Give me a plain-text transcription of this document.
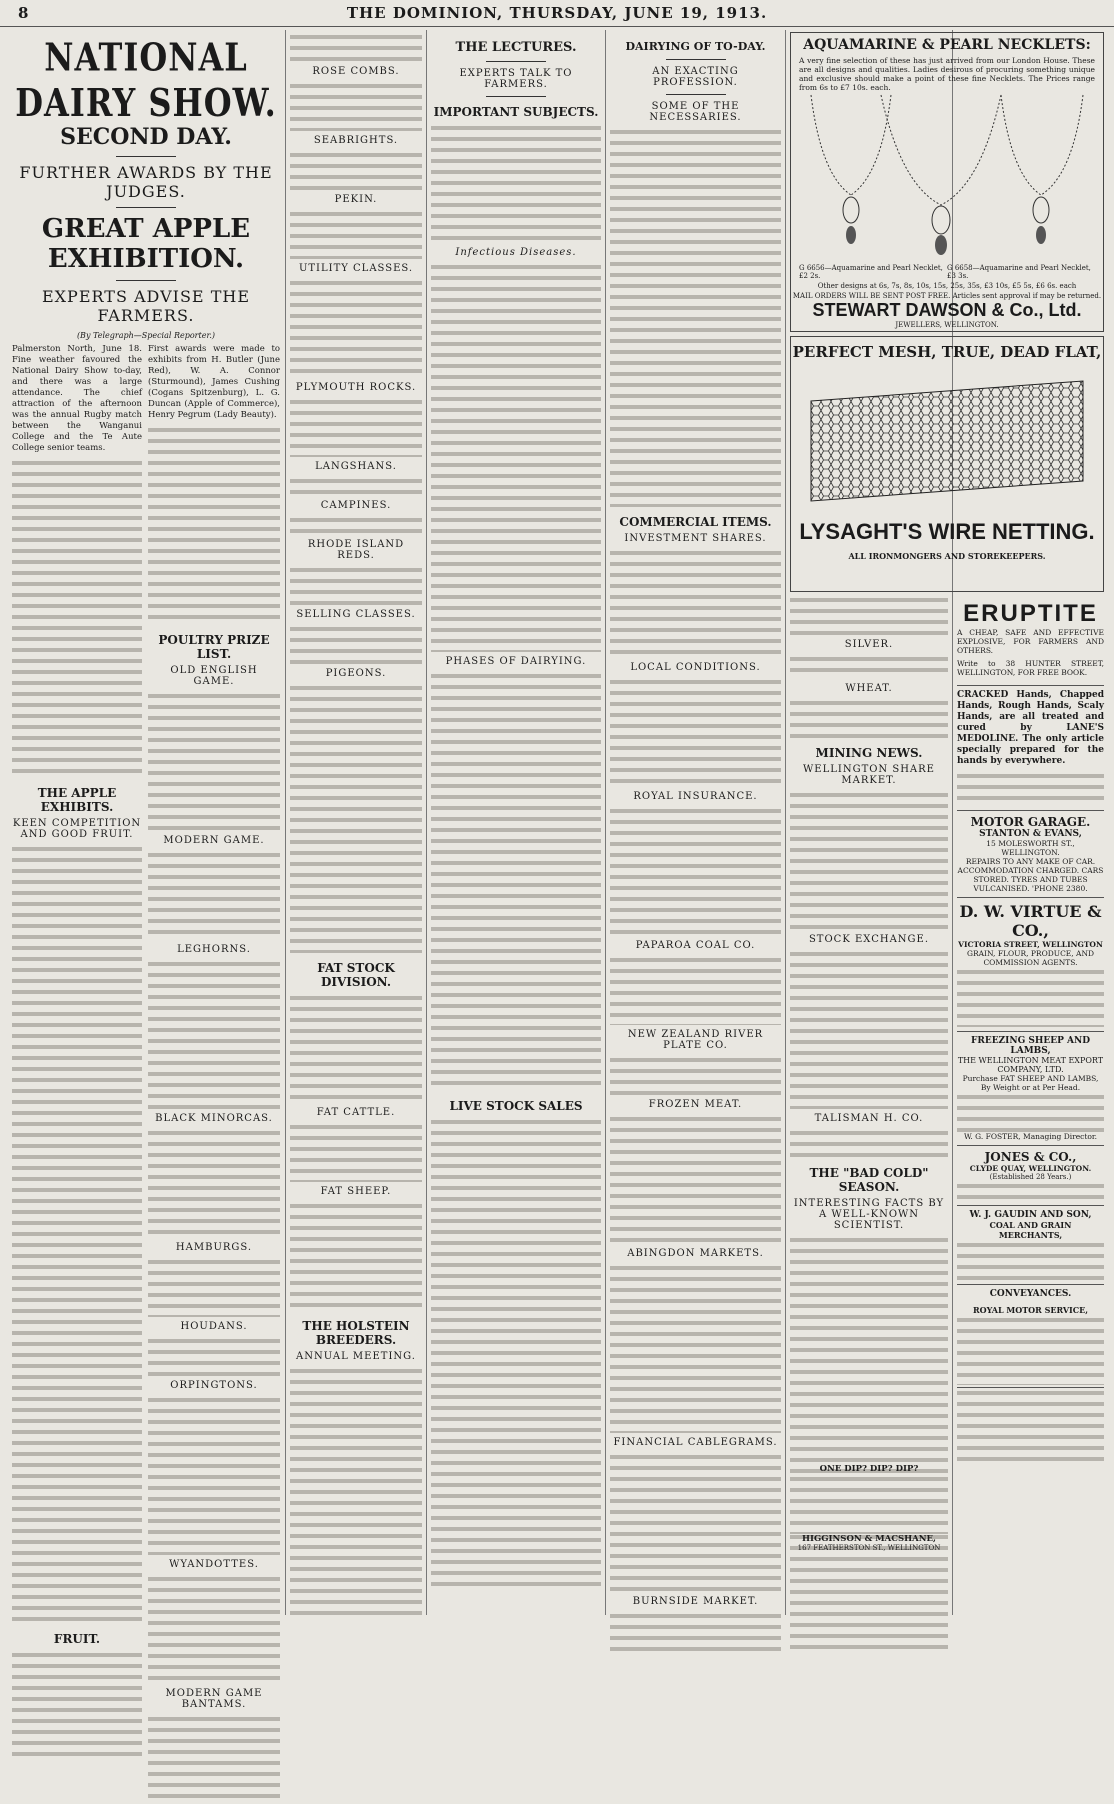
8	THE DOMINION, THURSDAY, JUNE 19, 1913.
NATIONAL DAIRY SHOW.
SECOND DAY.
FURTHER AWARDS BY THE JUDGES.
GREAT APPLE EXHIBITION.
EXPERTS ADVISE THE FARMERS.
(By Telegraph—Special Reporter.)

Palmerston North, June 18. Fine weather favoured the National Dairy Show to-day, and there was a large attendance. The chief attraction of the afternoon was the annual Rugby match between the Wanganui College and the Te Aute College senior teams.

THE APPLE EXHIBITS.
KEEN COMPETITION AND GOOD FRUIT.
FRUIT.

First awards were made to exhibits from H. Butler (June Red), W. A. Connor (Sturmound), James Cushing (Cogans Spitzenburg), L. G. Duncan (Apple of Commerce), Henry Pegrum (Lady Beauty).

POULTRY PRIZE LIST.
OLD ENGLISH GAME.
MODERN GAME.
LEGHORNS.
BLACK MINORCAS.
HAMBURGS.
HOUDANS.
ORPINGTONS.
WYANDOTTES.
MODERN GAME BANTAMS.
ROSE COMBS.
SEABRIGHTS.
PEKIN.
UTILITY CLASSES.
PLYMOUTH ROCKS.
LANGSHANS.
CAMPINES.
RHODE ISLAND REDS.
SELLING CLASSES.
PIGEONS.
FAT STOCK DIVISION.
FAT CATTLE.
FAT SHEEP.
THE HOLSTEIN BREEDERS.
ANNUAL MEETING.
THE LECTURES.
EXPERTS TALK TO FARMERS.
IMPORTANT SUBJECTS.
Infectious Diseases.
PHASES OF DAIRYING.
LIVE STOCK SALES
DAIRYING OF TO-DAY.
AN EXACTING PROFESSION.
SOME OF THE NECESSARIES.
COMMERCIAL ITEMS.
INVESTMENT SHARES.
LOCAL CONDITIONS.
ROYAL INSURANCE.
PAPAROA COAL CO.
NEW ZEALAND RIVER PLATE CO.
FROZEN MEAT.
ABINGDON MARKETS.
FINANCIAL CABLEGRAMS.
BURNSIDE MARKET.
SILVER.
WHEAT.
MINING NEWS.
WELLINGTON SHARE MARKET.
STOCK EXCHANGE.
TALISMAN H. CO.
THE "BAD COLD" SEASON.
INTERESTING FACTS BY A WELL-KNOWN SCIENTIST.
AQUAMARINE & PEARL NECKLETS:

A very fine selection of these has just arrived from our London House. These are all designs and qualities. Ladies desirous of procuring something unique and exclusive should make a point of these fine Necklets. The Prices range from 6s to £7 10s. each.

G 6656—Aquamarine and Pearl Necklet, £2 2s.
G 6658—Aquamarine and Pearl Necklet, £3 3s.
Other designs at 6s, 7s, 8s, 10s, 15s, 25s, 35s, £3 10s, £5 5s, £6 6s. each
MAIL ORDERS WILL BE SENT POST FREE. Articles sent approval if may be returned.
STEWART DAWSON & Co., Ltd.
JEWELLERS, WELLINGTON.
PERFECT MESH, TRUE, DEAD FLAT,
LYSAGHT'S WIRE NETTING.
ALL IRONMONGERS AND STOREKEEPERS.
ERUPTITE

A CHEAP, SAFE AND EFFECTIVE EXPLOSIVE, FOR FARMERS AND OTHERS.

Write to 38 HUNTER STREET, WELLINGTON, FOR FREE BOOK.

CRACKED Hands, Chapped Hands, Rough Hands, Scaly Hands, are all treated and cured by LANE'S MEDOLINE. The only article specially prepared for the hands by everywhere.

MOTOR GARAGE.
STANTON & EVANS,
15 MOLESWORTH ST., WELLINGTON.
REPAIRS TO ANY MAKE OF CAR.
ACCOMMODATION CHARGED. CARS STORED. TYRES AND TUBES VULCANISED. 'PHONE 2380.
D. W. VIRTUE & CO.,
VICTORIA STREET, WELLINGTON
GRAIN, FLOUR, PRODUCE, AND COMMISSION AGENTS.
FREEZING SHEEP AND LAMBS,
THE WELLINGTON MEAT EXPORT COMPANY, LTD.
Purchase FAT SHEEP AND LAMBS, By Weight or at Per Head.
W. G. FOSTER, Managing Director.
JONES & CO.,
CLYDE QUAY, WELLINGTON.
(Established 28 Years.)
W. J. GAUDIN AND SON,
COAL AND GRAIN MERCHANTS,
CONVEYANCES.
ROYAL MOTOR SERVICE,
ONE DIP? DIP? DIP?
HIGGINSON & MACSHANE,
167 FEATHERSTON ST., WELLINGTON
